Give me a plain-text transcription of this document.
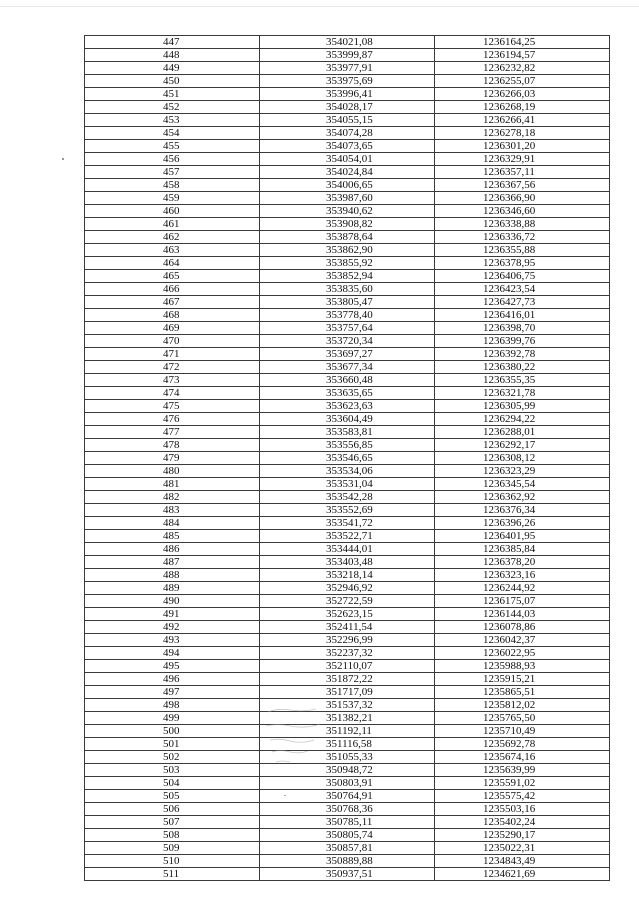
447	354021,08	1236164,25
448	353999,87	1236194,57
449	353977,91	1236232,82
450	353975,69	1236255,07
451	353996,41	1236266,03
452	354028,17	1236268,19
453	354055,15	1236266,41
454	354074,28	1236278,18
455	354073,65	1236301,20
456	354054,01	1236329,91
457	354024,84	1236357,11
458	354006,65	1236367,56
459	353987,60	1236366,90
460	353940,62	1236346,60
461	353908,82	1236338,88
462	353878,64	1236336,72
463	353862,90	1236355,88
464	353855,92	1236378,95
465	353852,94	1236406,75
466	353835,60	1236423,54
467	353805,47	1236427,73
468	353778,40	1236416,01
469	353757,64	1236398,70
470	353720,34	1236399,76
471	353697,27	1236392,78
472	353677,34	1236380,22
473	353660,48	1236355,35
474	353635,65	1236321,78
475	353623,63	1236305,99
476	353604,49	1236294,22
477	353583,81	1236288,01
478	353556,85	1236292,17
479	353546,65	1236308,12
480	353534,06	1236323,29
481	353531,04	1236345,54
482	353542,28	1236362,92
483	353552,69	1236376,34
484	353541,72	1236396,26
485	353522,71	1236401,95
486	353444,01	1236385,84
487	353403,48	1236378,20
488	353218,14	1236323,16
489	352946,92	1236244,92
490	352722,59	1236175,07
491	352623,15	1236144,03
492	352411,54	1236078,86
493	352296,99	1236042,37
494	352237,32	1236022,95
495	352110,07	1235988,93
496	351872,22	1235915,21
497	351717,09	1235865,51
498	351537,32	1235812,02
499	351382,21	1235765,50
500	351192,11	1235710,49
501	351116,58	1235692,78
502	351055,33	1235674,16
503	350948,72	1235639,99
504	350803,91	1235591,02
505	350764,91	1235575,42
506	350768,36	1235503,16
507	350785,11	1235402,24
508	350805,74	1235290,17
509	350857,81	1235022,31
510	350889,88	1234843,49
511	350937,51	1234621,69
